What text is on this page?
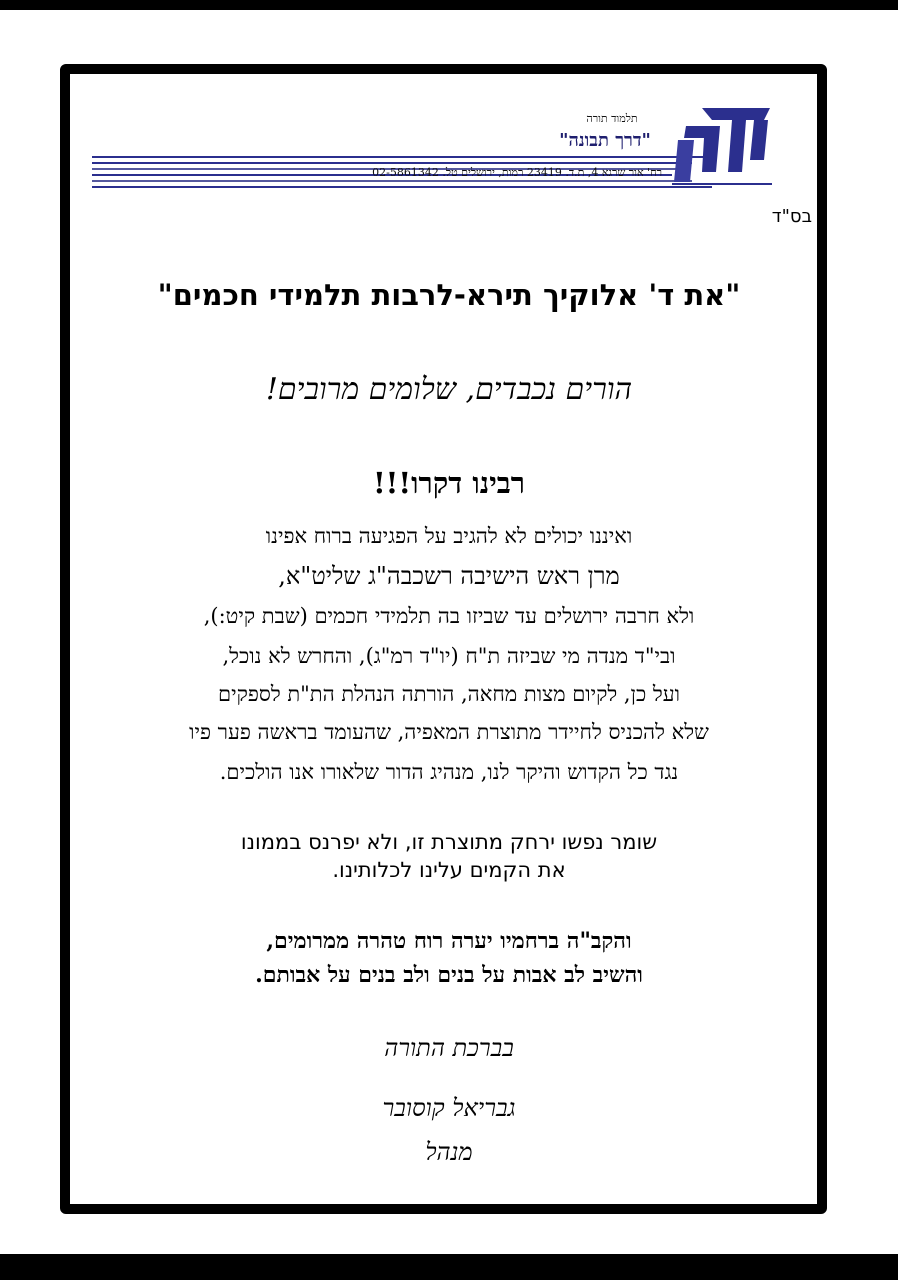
תלמוד תורה
"דרך תבונה"
רח' אור שרגא 4, ת.ד. 23419 רמות, ירושלים טל. 02-5861342
בס"ד
"את ד' אלוקיך תירא-לרבות תלמידי חכמים"
הורים נכבדים, שלומים מרובים!
רבינו דקרו!!!
ואיננו יכולים לא להגיב על הפגיעה ברוח אפינו
מרן ראש הישיבה רשכבה"ג שליט"א,
ולא חרבה ירושלים עד שביזו בה תלמידי חכמים (שבת קיט:),
ובי"ד מנדה מי שביזה ת"ח (יו"ד רמ"ג), והחרש לא נוכל,
ועל כן, לקיום מצות מחאה, הורתה הנהלת הת"ת לספקים
שלא להכניס לחיידר מתוצרת המאפיה, שהעומד בראשה פער פיו
נגד כל הקדוש והיקר לנו, מנהיג הדור שלאורו אנו הולכים.
שומר נפשו ירחק מתוצרת זו, ולא יפרנס בממונו
את הקמים עלינו לכלותינו.
והקב"ה ברחמיו יערה רוח טהרה ממרומים,
והשיב לב אבות על בנים ולב בנים על אבותם.
בברכת התורה
גבריאל קוסובר
מנהל
